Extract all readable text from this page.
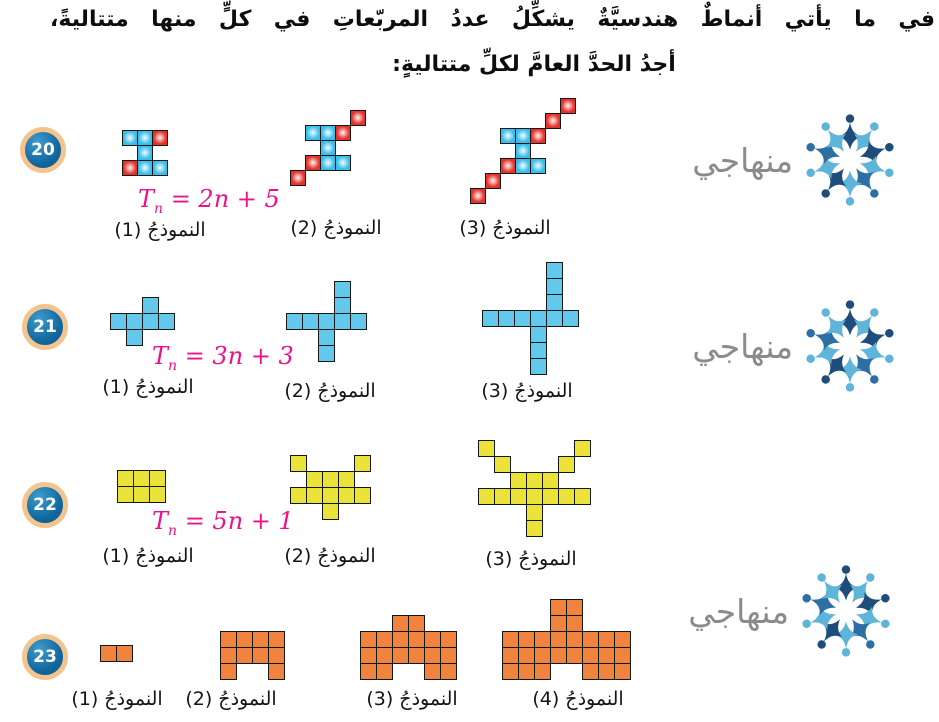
في ما يأتي أنماطٌ هندسيَّةٌ يشكِّلُ عددُ المربّعاتِ في كلٍّ منها متتاليةً،
أجدُ الحدَّ العامَّ لكلِّ متتاليةٍ:
20
$T_n = 2n + 5$
النموذجُ (1)	النموذجُ (2)	النموذجُ (3)
21
$T_n = 3n + 3$
النموذجُ (1)	النموذجُ (2)	النموذجُ (3)
22
$T_n = 5n + 1$
النموذجُ (1)	النموذجُ (2)	النموذجُ (3)
23
النموذجُ (1)	النموذجُ (2)	النموذجُ (3)	النموذجُ (4)
منهاجي
منهاجي
منهاجي
